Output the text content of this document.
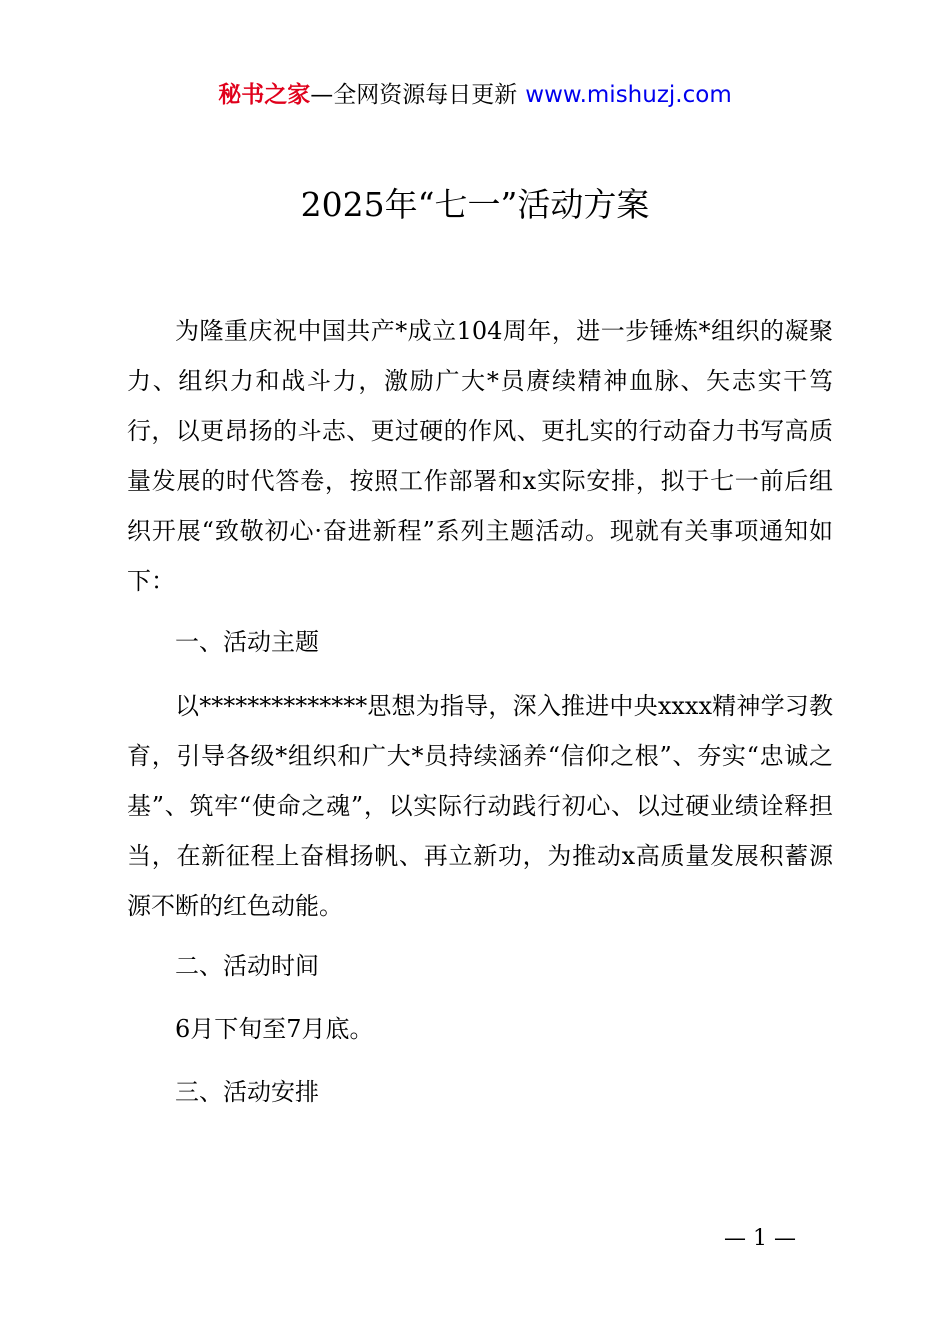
秘书之家—全网资源每日更新 www.mishuzj.com
2025年“七一”活动方案

为隆重庆祝中国共产*成立104周年，进一步锤炼*组织的凝聚力、组织力和战斗力，激励广大*员赓续精神血脉、矢志实干笃行，以更昂扬的斗志、更过硬的作风、更扎实的行动奋力书写高质量发展的时代答卷，按照工作部署和x实际安排，拟于七一前后组织开展“致敬初心·奋进新程”系列主题活动。现就有关事项通知如下：

一、活动主题

以**************思想为指导，深入推进中央xxxx精神学习教育，引导各级*组织和广大*员持续涵养“信仰之根”、夯实“忠诚之基”、筑牢“使命之魂”，以实际行动践行初心、以过硬业绩诠释担当，在新征程上奋楫扬帆、再立新功，为推动x高质量发展积蓄源源不断的红色动能。

二、活动时间

6月下旬至7月底。

三、活动安排

— 1 —
